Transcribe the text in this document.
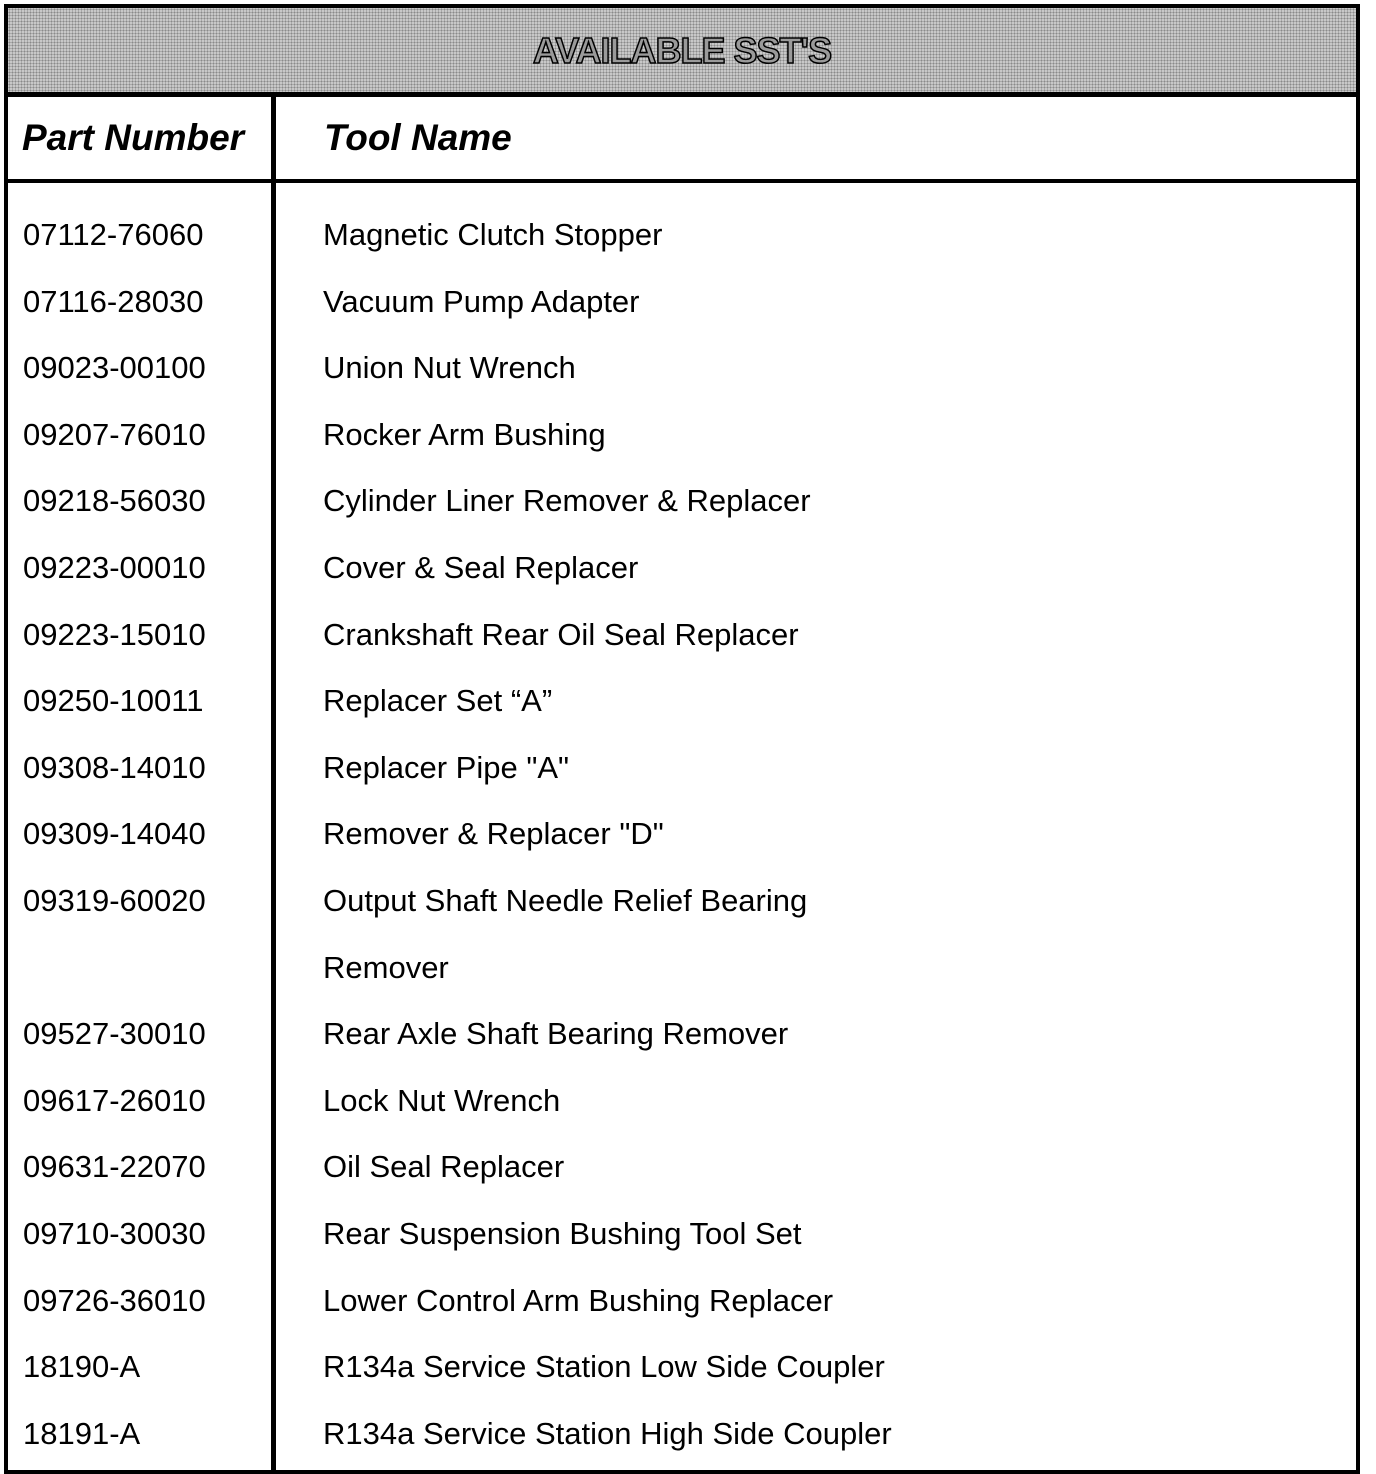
AVAILABLE SST'S
Part Number Tool Name
07112-76060	Magnetic Clutch Stopper
07116-28030	Vacuum Pump Adapter
09023-00100	Union Nut Wrench
09207-76010	Rocker Arm Bushing
09218-56030	Cylinder Liner Remover & Replacer
09223-00010	Cover & Seal Replacer
09223-15010	Crankshaft Rear Oil Seal Replacer
09250-10011	Replacer Set “A”
09308-14010	Replacer Pipe "A"
09309-14040	Remover & Replacer "D"
09319-60020	Output Shaft Needle Relief Bearing
Remover
09527-30010	Rear Axle Shaft Bearing Remover
09617-26010	Lock Nut Wrench
09631-22070	Oil Seal Replacer
09710-30030	Rear Suspension Bushing Tool Set
09726-36010	Lower Control Arm Bushing Replacer
18190-A	R134a Service Station Low Side Coupler
18191-A	R134a Service Station High Side Coupler
